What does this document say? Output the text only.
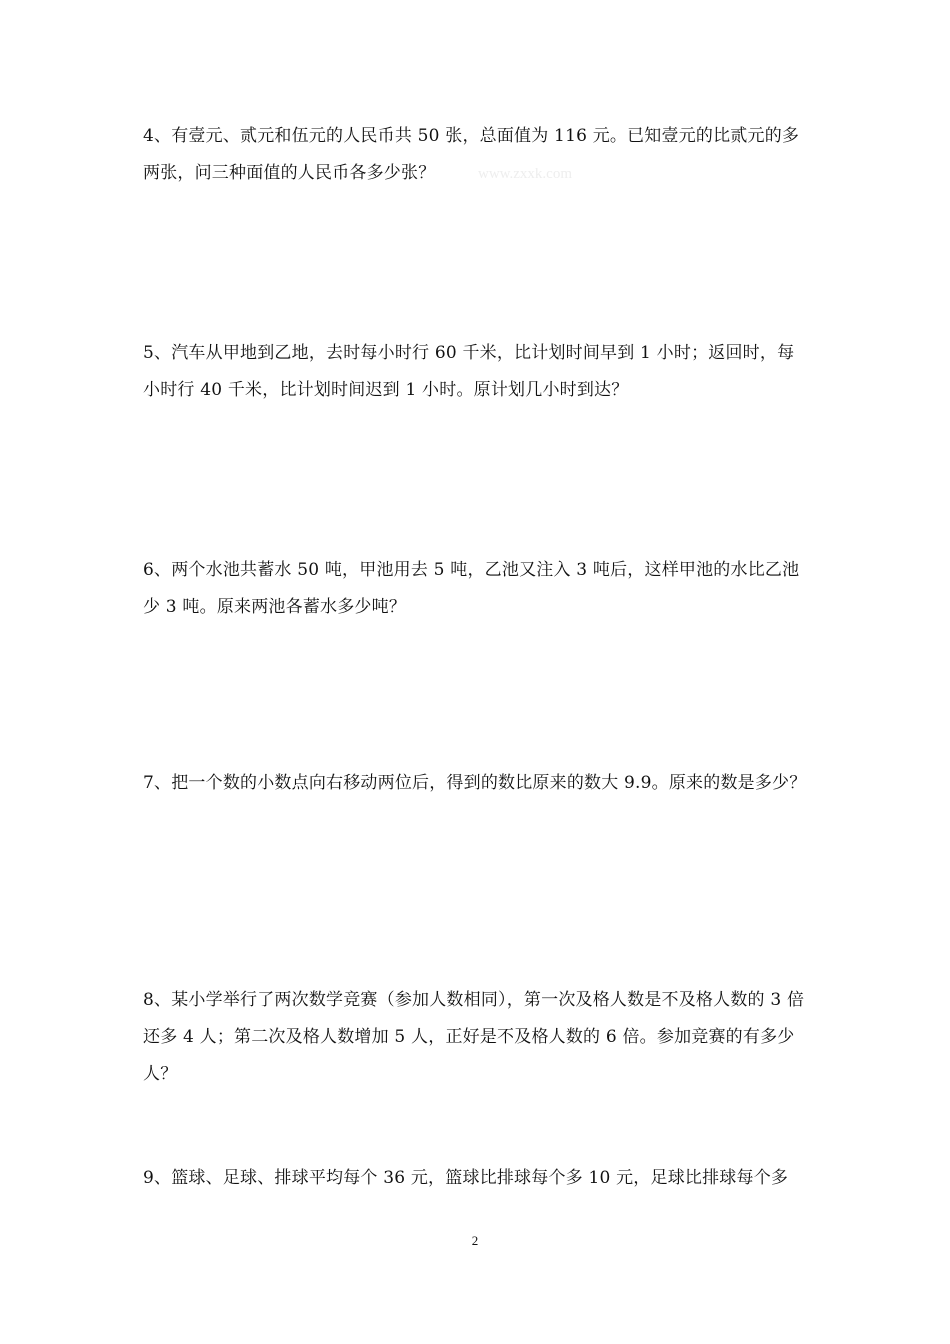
4、有壹元、贰元和伍元的人民币共 50 张，总面值为 116 元。已知壹元的比贰元的多两张，问三种面值的人民币各多少张？	www.zxxk.com

5、汽车从甲地到乙地，去时每小时行 60 千米，比计划时间早到 1 小时；返回时，每小时行 40 千米，比计划时间迟到 1 小时。原计划几小时到达？

6、两个水池共蓄水 50 吨，甲池用去 5 吨，乙池又注入 3 吨后，这样甲池的水比乙池少 3 吨。原来两池各蓄水多少吨？

7、把一个数的小数点向右移动两位后，得到的数比原来的数大 9.9。原来的数是多少？

8、某小学举行了两次数学竞赛（参加人数相同），第一次及格人数是不及格人数的 3 倍还多 4 人；第二次及格人数增加 5 人，正好是不及格人数的 6 倍。参加竞赛的有多少人？

9、篮球、足球、排球平均每个 36 元，篮球比排球每个多 10 元，足球比排球每个多

2
